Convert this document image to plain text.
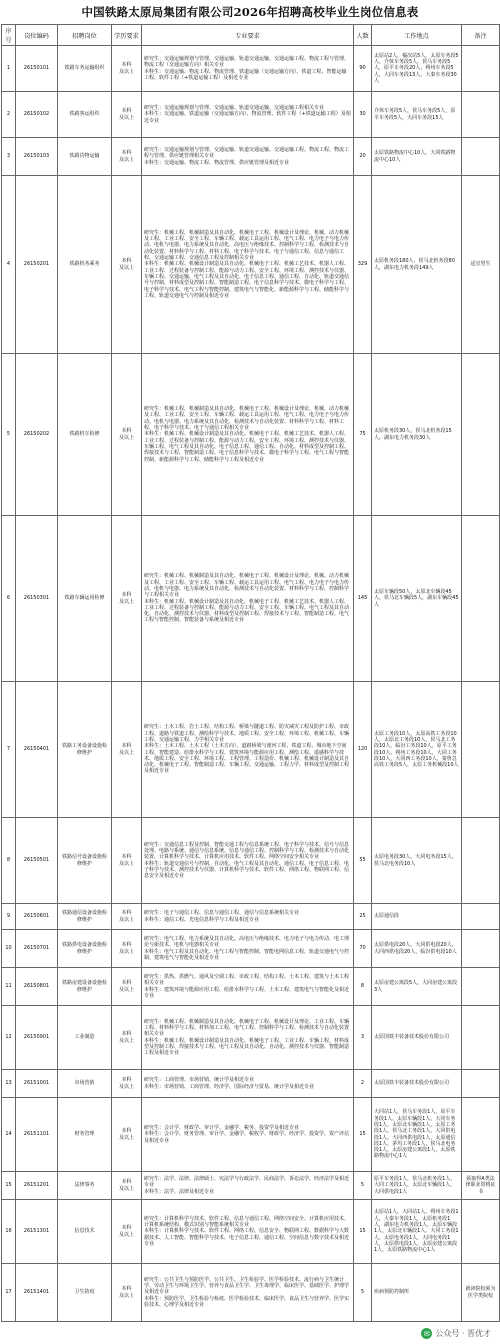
中国铁路太原局集团有限公司2026年招聘高校毕业生岗位信息表
序号	岗位编码	招聘岗位	学历要求	专业要求	人数	工作地点	备注
1	26150101	铁路车务运输组织	本科
及以上	研究生：交通运输规划与管理、交通运输、轨道交通运输、交通运输工程、物流工程与管理、物流工程（交通运输方向）相关专业
本科生：交通运输、物流工程、物流管理、铁道运输（交通运输方向）、铁道工程、智能运输工程、软件工程（+铁道运输工程）及相近专业	90	太原站2人，榆次站5人，太原车务段5人，介休车务段5人，侯马车务段5人，原平车务段20人，朔州车务段5人，大同车务段13人，大秦车务段30人	
2	26150102	铁路客运组织	本科
及以上	研究生：交通运输规划与管理、交通运输、轨道交通运输、交通运输工程相关专业
本科生：交通运输、铁道运输（交通运输方向）、物流管理、软件工程（+铁道运输工程）及相近专业	30	介休车务段5人，侯马车务段5人，原平车务段5人，大同车务段15人	
3	26150103	铁路货物运输	本科
及以上	研究生：交通运输规划与管理、交通运输、轨道交通运输、交通运输工程、物流工程、物流工程与管理、供应链管理相关专业
本科生：交通运输、物流工程、物流管理、供应链管理及相近专业	20	太原铁路物流中心10人，大同铁路物流中心10人	
4	26150201	铁路机务乘务	本科
及以上	研究生：机械工程、机械制造及其自动化、机械电子工程、机械设计及理论、机械、动力机械及工程、工业工程、安全工程、车辆工程、载运工具运用工程、电气工程、电力电子与电力传动、电机与电器、电力系统及其自动化、高电压与绝缘技术、控制科学与工程、检测技术与自动化装置、材料科学与工程、材料工程、电子科学与技术、电子与通信工程、信息与通信工程、交通运输工程、交通信息工程及控制相关专业
本科生：机械工程、机械设计制造及其自动化、机械电子工程、机械工艺技术、机器人工程、工业工程、过程装备与控制工程、能源与动力工程、安全工程、环境工程、测控技术与仪器、车辆工程、交通运输、电气工程及其自动化、电子信息工程、通信工程、自动化、轨道交通信号与控制、材料成型及控制工程、智能制造工程、电子信息科学与技术、微电子科学与工程、电子科学与技术、电气工程与智能控制、建筑电气与智能化、新能源科学与工程、储能科学与工程、轨道交通电气与控制及相近专业	329	太原机务段180人，侯马北机务段80人，湖东电力机务段149人	适宜男生
5	26150202	铁路机车检修	本科
及以上	研究生：机械工程、机械制造及其自动化、机械电子工程、机械设计及理论、机械、动力机械及工程、工业工程、安全工程、车辆工程、载运工具运用工程、电气工程、电力电子与电力传动、电机与电器、电力系统及其自动化、检测技术与自动化装置、材料科学与工程、材料工程、电子科学与技术、电子与通信工程相关专业
本科生：机械工程、机械设计制造及其自动化、机械电子工程、机械工艺技术、机器人工程、工业工程、过程装备与控制工程、能源与动力工程、安全工程、环境工程、测控技术与仪器、车辆工程、电气工程及其自动化、电子信息工程、通信工程、自动化、材料成型及控制工程、焊接技术与工程、智能制造工程、电子信息科学与技术、微电子科学与工程、电气工程与智能控制、新能源科学与工程、储能科学与工程及相近专业	75	太原机务段30人，侯马北机务段15人，湖东电力机务段30人	
6	26150301	铁路车辆运用检修	本科
及以上	研究生：机械工程、机械制造及其自动化、机械电子工程、机械设计及理论、机械、动力机械及工程、工业工程、安全工程、车辆工程、载运工具运用工程、电气工程、电力电子与电力传动、电机与电器、电力系统及其自动化、检测技术与自动化装置、材料科学与工程、控制科学与工程相关专业
本科生：机械工程、机械设计制造及其自动化、机械电子工程、机械工艺技术、机器人工程、工业工程、过程装备与控制工程、能源与动力工程、安全工程、车辆工程、电气工程及其自动化、自动化、测控技术与仪器、材料成型及控制工程、焊接技术与工程、智能制造工程、电气工程与智能控制、智能装备与系统及相近专业	145	太原车辆段50人，太原北车辆段45人，侯马北车辆段5人，湖东车辆段45人	
7	26150401	铁路工务设备设施检修维护	本科
及以上	研究生：土木工程、岩土工程、结构工程、桥梁与隧道工程、防灾减灾工程及防护工程、市政工程、道路与铁道工程、测绘科学与技术、地质工程、安全工程、环境工程、机械工程、车辆工程、交通运输工程、力学相关专业
本科生：土木工程、土木工程（土木方向）、道路桥梁与渡河工程、铁道工程、城市地下空间工程、智能建造、给排水科学与工程、建筑环境与能源应用工程、测绘工程、遥感科学与技术、地质工程、安全工程、环境工程、工程管理、工程造价、机械工程、机械设计制造及其自动化、机械电子工程、智能制造工程、车辆工程、交通运输、工程力学、材料成型及控制工程及相近专业	120	太原工务段10人，太原高铁工务段10人，太原北工务段10人，侯马北工务段10人，临汾工务段10人，原平工务段10人，朔州工务段10人，大同工务段10人，大同西工务段10人，秦鲁急高铁工务段5人，太原工务机械段10人	
8	26150501	铁路信号设备设施检修维护	本科
及以上	研究生：交通信息工程及控制、智能交通工程与信息系统工程、电子科学与技术、信号与信息处理、电路与系统、通信与信息系统、信息与通信工程、控制科学与工程、检测技术与自动化装置、计算机科学与技术、计算机应用技术、软件工程、网络空间安全相关专业
本科生：轨道交通信号与控制、自动化、电气工程及其自动化、通信工程、电子信息工程、电子科学与技术、测控技术与仪器、计算机科学与技术、软件工程、网络工程、物联网工程、信息安全及相近专业	55	太原电务段30人，大同电务段15人，侯马北电务段10人	
9	26150601	铁路通信设备设施检修维护	本科
及以上	研究生：电子与通信工程、信息与通信工程、通信与信息系统相关专业
本科生：通信工程、光电信息科学与工程及相近专业	25	太原通信段	
10	26150701	铁路供电设备设施检修维护	本科
及以上	研究生：电气工程、电力系统及其自动化、高电压与绝缘技术、电力电子与电力传动、电工理论与新技术、电机与电器相关专业
本科生：电气工程及其自动化、电气工程与智能控制、智能电网信息工程、轨道交通电气与控制、建筑电气与智能化及相近专业	70	太原供电段20人，大同供电段20人，大同西供电段20人，临汾供电段10人	
11	26150801	铁路房建设备设施检修维护	本科
及以上	研究生：供热、供燃气、通风及空调工程、市政工程、结构工程、土木工程、建筑与土木工程相关专业
本科生：建筑环境与能源应用工程、给排水科学与工程、土木工程、建筑电气与智能化及相近专业	8	太原房建公寓段5人，大同房建公寓段3人	
12	26150901	工业制造	本科
及以上	研究生：机械工程、机械制造及其自动化、机械电子工程、机械设计及理论、工业工程、车辆工程、材料科学与工程、材料加工工程、电气工程、控制科学与工程、检测技术与自动化装置相关专业
本科生：机械工程、机械设计制造及其自动化、机械电子工程、工业工程、车辆工程、材料成型及控制工程、焊接技术与工程、电气工程及其自动化、自动化、测控技术与仪器、智能制造工程及相近专业	3	太原国铁丰装备技术股份有限公司	
13	26151001	市场营销	本科
及以上	研究生：工商管理、市场营销、统计学及相近专业
本科生：市场营销、工商管理、经济学、国际经济与贸易、统计学及相近专业	2	太原国铁丰装备技术股份有限公司	
14	26151101	财务管理	本科
及以上	研究生：会计学、财政学、审计学、金融学、税务、投资学及相近专业
本科生：会计学、财务管理、审计学、金融学、税收学、财政学、经济学、投资学、资产评估及相近专业	15	大同站1人，侯马车务段1人，原平车务段1人，太原车辆段1人，大同车务段1人，太原北车辆段1人，太原工务段1人，侯马北工务段1人，大同供电段1人，大同西供电段1人，太原通信段1人，茅坞工务段1人，侯马北电务段1人，太原房建公寓段1人，太原铁路物流中心1人	
15	26151201	法律事务	本科
及以上	研究生：法学、法律、法律硕士、宪法学与行政法学、民商法学、诉讼法学、经济法学及相近专业
本科生：法学、法律及相近专业	5	原平车务段1人，侯马北机务段1人，大同工务段1人，太原北车辆段1人，大同供电段1人	须取得A类法律职业资格证书
16	26151301	信息技术	本科
及以上	研究生：计算机科学与技术、软件工程、信息与通信工程、网络空间安全、计算机应用技术、计算机系统结构、模式识别与智能系统相关专业
本科生：计算机科学与技术、软件工程、网络工程、信息安全、物联网工程、数据科学与大数据技术、人工智能、智能科学与技术、电子信息工程、通信工程、空间信息与数字技术及相近专业	15	太原站1人，大同站1人，朔州车务段1人，大秦车务段1人，太原机务段1人，湖东电力机务段1人，太原车辆段1人，太原北车辆段1人，大同工务段1人，太原电务段1人，大同电务段1人，太原供电段1人，太原房建公寓段1人，太原铁路物流中心1人	
17	26151401	卫生防疫	本科
及以上	研究生：公共卫生与预防医学、公共卫生、卫生检验学、医学检验技术、流行病与卫生统计学、劳动卫生与环境卫生学、营养与食品卫生学、卫生毒理学、临床医学、基础医学、护理学及相近专业
本科生：预防医学、卫生检验与检疫、医学检验技术、临床医学、食品卫生与营养学、医学实验技术、心理学及相近专业	5	疾病预防控制所	就读院校须为医学类院校
✉ 公众号 · 晋优才
